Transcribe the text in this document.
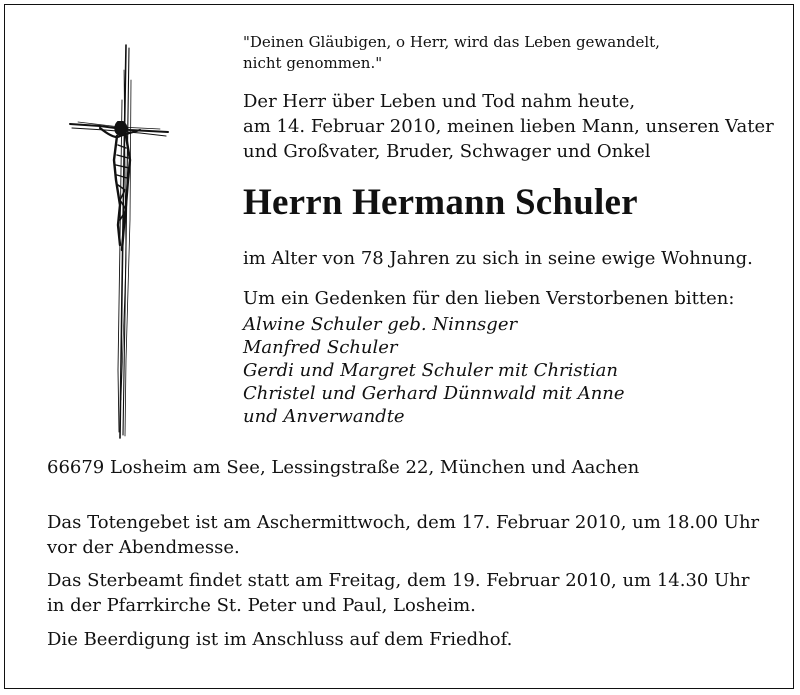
"Deinen Gläubigen, o Herr, wird das Leben gewandelt,

nicht genommen."

Der Herr über Leben und Tod nahm heute,

am 14. Februar 2010, meinen lieben Mann, unseren Vater

und Großvater, Bruder, Schwager und Onkel

Herrn Hermann Schuler
im Alter von 78 Jahren zu sich in seine ewige Wohnung.
Um ein Gedenken für den lieben Verstorbenen bitten:

Alwine Schuler geb. Ninnsger

Manfred Schuler

Gerdi und Margret Schuler mit Christian

Christel und Gerhard Dünnwald mit Anne

und Anverwandte

66679 Losheim am See, Lessingstraße 22, München und Aachen

Das Totengebet ist am Aschermittwoch, dem 17. Februar 2010, um 18.00 Uhr

vor der Abendmesse.

Das Sterbeamt findet statt am Freitag, dem 19. Februar 2010, um 14.30 Uhr

in der Pfarrkirche St. Peter und Paul, Losheim.

Die Beerdigung ist im Anschluss auf dem Friedhof.
